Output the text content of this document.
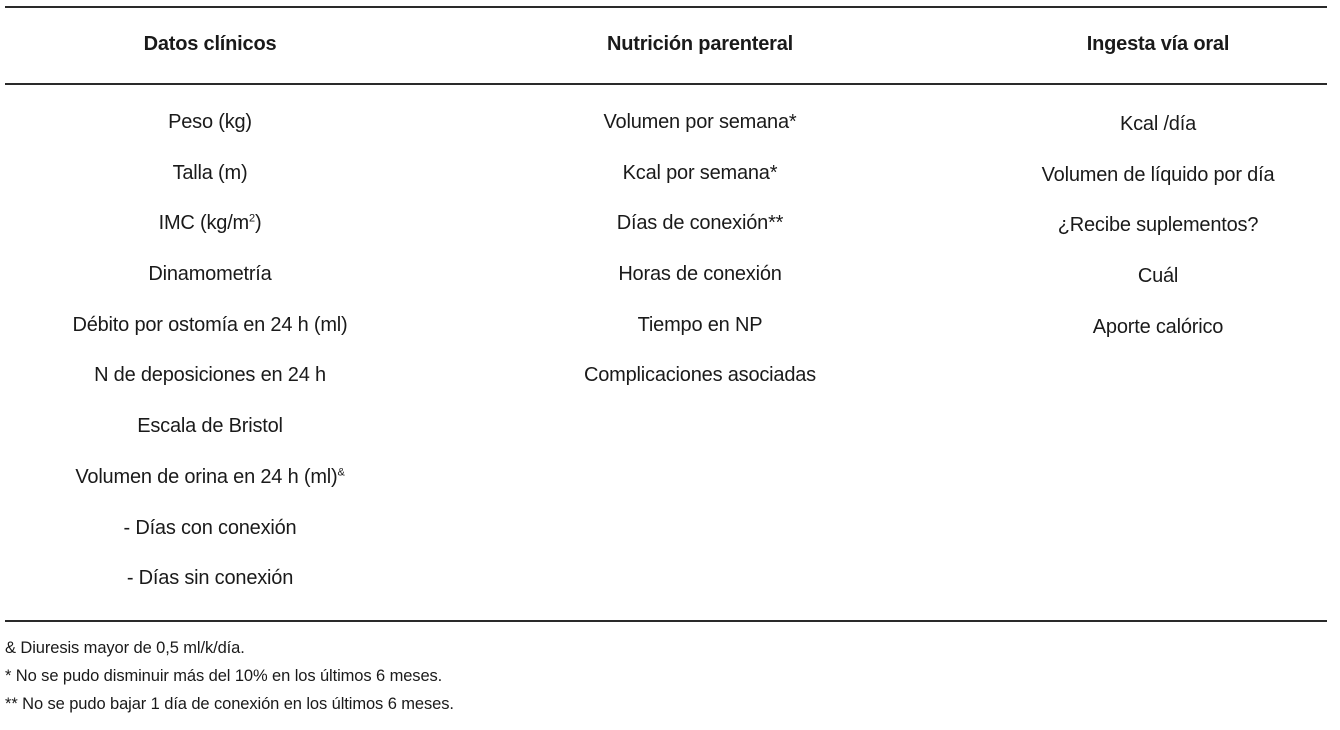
Datos clínicos
Peso (kg)
Talla (m)
IMC $(kg/m^2)$
Dinamometría
Débito por ostomía en 24 h (ml)
N de deposiciones en 24 h
Escala de Bristol
Volumen de orina en 24 h (ml)&
- Días con conexión
- Días sin conexión
Nutrición parenteral
Volumen por semana*
Kcal por semana*
Días de conexión**
Horas de conexión
Tiempo en NP
Complicaciones asociadas
Ingesta vía oral
Kcal /día
Volumen de líquido por día
¿Recibe suplementos?
Cuál
Aporte calórico
& Diuresis mayor de 0,5 ml/k/día.
* No se pudo disminuir más del 10% en los últimos 6 meses.
** No se pudo bajar 1 día de conexión en los últimos 6 meses.
